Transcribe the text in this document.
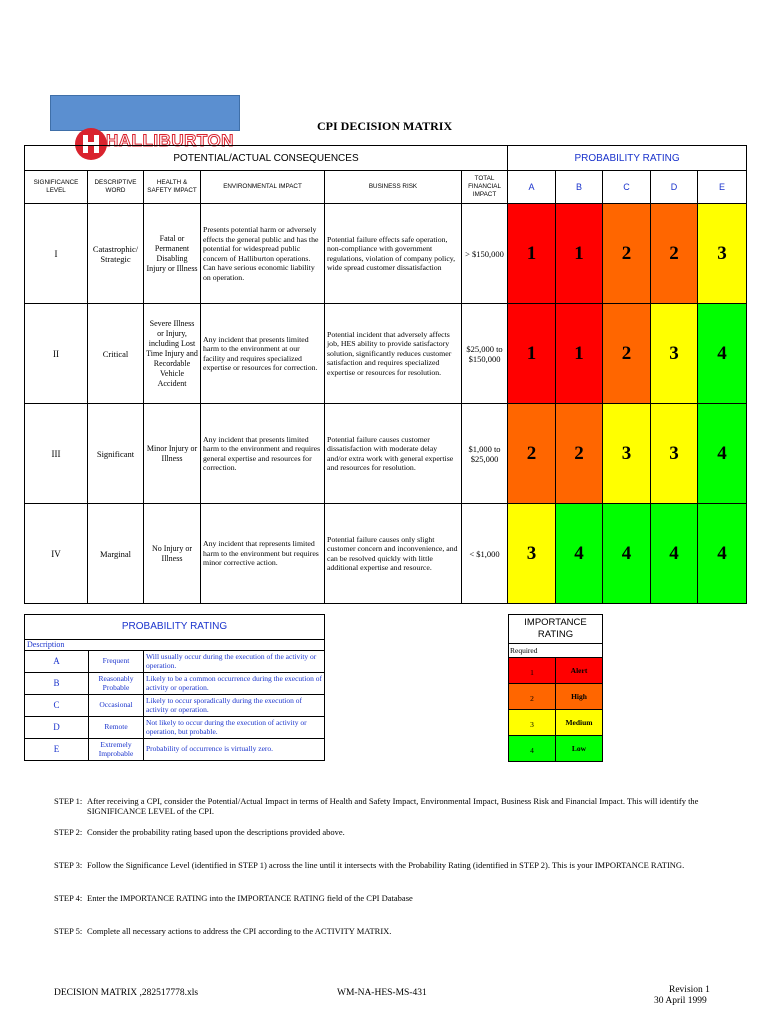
HALLIBURTON
CPI DECISION MATRIX
POTENTIAL/ACTUAL CONSEQUENCES						PROBABILITY RATING				
SIGNIFICANCE LEVEL	DESCRIPTIVE WORD	HEALTH & SAFETY IMPACT	ENVIRONMENTAL IMPACT	BUSINESS RISK	TOTAL FINANCIAL IMPACT	A	B	C	D	E
I	Catastrophic/ Strategic	Fatal or Permanent Disabling Injury or Illness	Presents potential harm or adversely effects the general public and has the potential for widespread public concern of Halliburton operations. Can have serious economic liability on operation.	Potential failure effects safe operation, non-compliance with government regulations, violation of company policy, wide spread customer dissatisfaction	> $150,000	1	1	2	2	3
II	Critical	Severe Illness or Injury, including Lost Time Injury and Recordable Vehicle Accident	Any incident that presents limited harm to the environment at our facility and requires specialized expertise or resources for correction.	Potential incident that adversely affects job, HES ability to provide satisfactory solution, significantly reduces customer satisfaction and requires specialized expertise or resources for resolution.	$25,000 to $150,000	1	1	2	3	4
III	Significant	Minor Injury or Illness	Any incident that presents limited harm to the environment and requires general expertise and resources for correction.	Potential failure causes customer dissatisfaction with moderate delay and/or extra work with general expertise and resources for resolution.	$1,000 to $25,000	2	2	3	3	4
IV	Marginal	No Injury or Illness	Any incident that represents limited harm to the environment but requires minor corrective action.	Potential failure causes only slight customer concern and inconvenience, and can be resolved quickly with little additional expertise and resource.	< $1,000	3	4	4	4	4
PROBABILITY RATING		
Description		
A	Frequent	Will usually occur during the execution of the activity or operation.
B	Reasonably Probable	Likely to be a common occurrence during the execution of activity or operation.
C	Occasional	Likely to occur sporadically during the execution of activity or operation.
D	Remote	Not likely to occur during the execution of activity or operation, but probable.
E	Extremely Improbable	Probability of occurrence is virtually zero.
IMPORTANCE RATING	
Required	
1	Alert
2	High
3	Medium
4	Low
STEP 1: After receiving a CPI, consider the Potential/Actual Impact in terms of Health and Safety Impact, Environmental Impact, Business Risk and Financial Impact. This will identify the SIGNIFICANCE LEVEL of the CPI.
STEP 2: Consider the probability rating based upon the descriptions provided above.
STEP 3: Follow the Significance Level (identified in STEP 1) across the line until it intersects with the Probability Rating (identified in STEP 2). This is your IMPORTANCE RATING.
STEP 4: Enter the IMPORTANCE RATING into the IMPORTANCE RATING field of the CPI Database
STEP 5: Complete all necessary actions to address the CPI according to the ACTIVITY MATRIX.
DECISION MATRIX ,282517778.xls	WM-NA-HES-MS-431	Revision 1
30 April 1999
